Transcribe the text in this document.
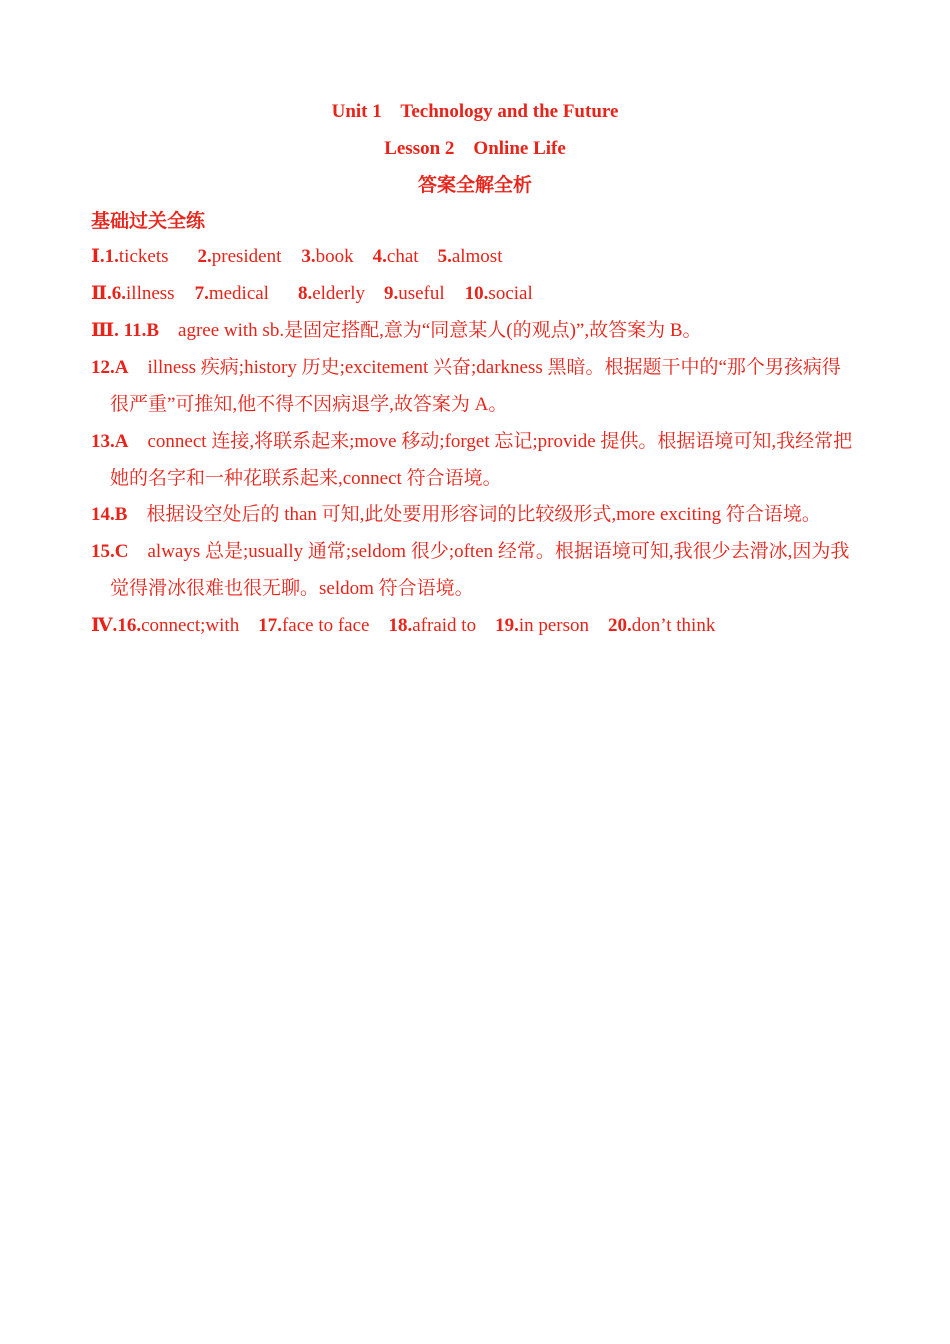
Unit 1    Technology and the Future
Lesson 2    Online Life
答案全解全析
基础过关全练
Ⅰ.1.tickets 2.president 3.book 4.chat 5.almost
Ⅱ.6.illness 7.medical 8.elderly 9.useful 10.social
Ⅲ. 11.B agree with sb.是固定搭配,意为“同意某人(的观点)”,故答案为 B。
12.A illness 疾病;history 历史;excitement 兴奋;darkness 黑暗。根据题干中的“那个男孩病得
很严重”可推知,他不得不因病退学,故答案为 A。
13.A connect 连接,将联系起来;move 移动;forget 忘记;provide 提供。根据语境可知,我经常把
她的名字和一种花联系起来,connect 符合语境。
14.B 根据设空处后的 than 可知,此处要用形容词的比较级形式,more exciting 符合语境。
15.C always 总是;usually 通常;seldom 很少;often 经常。根据语境可知,我很少去滑冰,因为我
觉得滑冰很难也很无聊。seldom 符合语境。
Ⅳ.16.connect;with 17.face to face 18.afraid to 19.in person 20.don’t think
